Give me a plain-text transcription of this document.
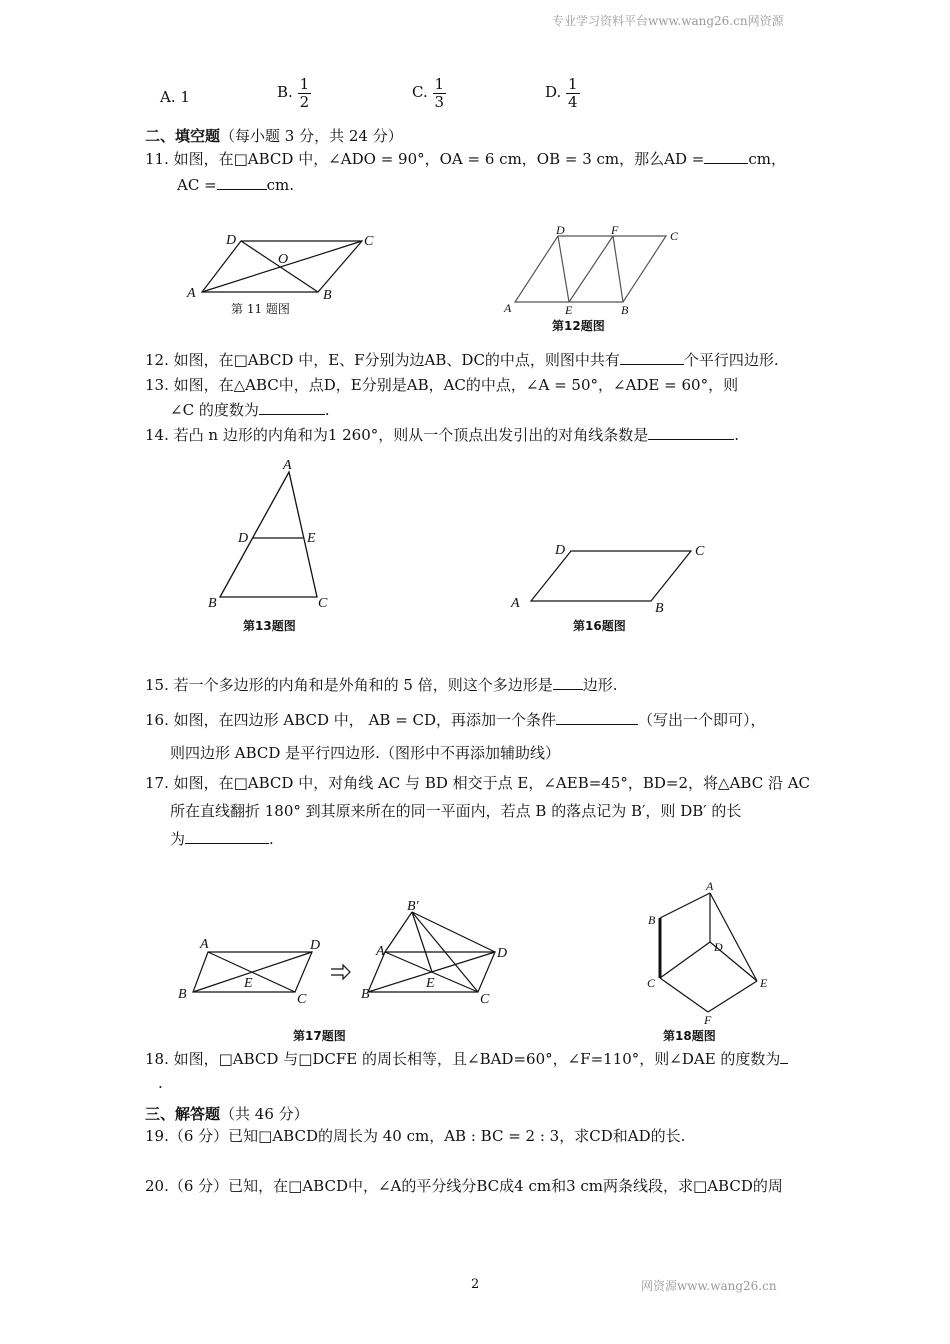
专业学习资料平台www.wang26.cn网资源
2	网资源www.wang26.cn
A. 1	B. $\frac{1}{2}$	C. $\frac{1}{3}$	D. $\frac{1}{4}$
二、填空题（每小题 3 分，共 24 分）
11. 如图，在□ABCD 中，∠ADO = 90°，OA = 6 cm，OB = 3 cm，那么AD =	cm，
AC =	cm.
D	C
O
A	B
第 11 题图
D	F	C
A	E	B
第12题图
12. 如图，在□ABCD 中，E、F分别为边AB、DC的中点，则图中共有	个平行四边形.
13. 如图，在△ABC中，点D，E分别是AB，AC的中点，∠A = 50°，∠ADE = 60°，则
∠C 的度数为	.
14. 若凸 n 边形的内角和为1 260°，则从一个顶点出发引出的对角线条数是	.
A
D	E
B	C
第13题图
D	C
A	B
第16题图
15. 若一个多边形的内角和是外角和的 5 倍，则这个多边形是 边形.
16. 如图，在四边形 ABCD 中， AB = CD，再添加一个条件	（写出一个即可），
则四边形 ABCD 是平行四边形.（图形中不再添加辅助线）
17. 如图，在□ABCD 中，对角线 AC 与 BD 相交于点 E，∠AEB=45°，BD=2，将△ABC 沿 AC
所在直线翻折 180° 到其原来所在的同一平面内，若点 B 的落点记为 B′，则 DB′ 的长
为	.
A	D
E
B	C
B′
A	D
E
B	C
第17题图
A
B
D
C	E
F
第18题图
18. 如图，□ABCD 与□DCFE 的周长相等，且∠BAD=60°，∠F=110°，则∠DAE 的度数为
.
三、解答题（共 46 分）
19.（6 分）已知□ABCD的周长为 40 cm，AB : BC = 2 : 3，求CD和AD的长.
20.（6 分）已知，在□ABCD中，∠A的平分线分BC成4 cm和3 cm两条线段，求□ABCD的周
